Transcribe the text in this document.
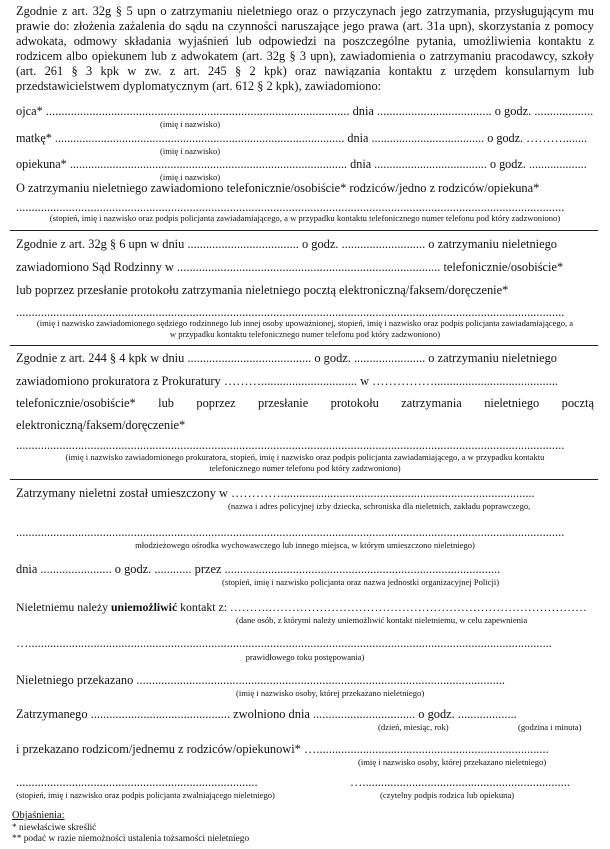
Zgodnie z art. 32g § 5 upn o zatrzymaniu nieletniego oraz o przyczynach jego zatrzymania, przysługującym mu prawie do: złożenia zażalenia do sądu na czynności naruszające jego prawa (art. 31a upn), skorzystania z pomocy adwokata, odmowy składania wyjaśnień lub odpowiedzi na poszczególne pytania, umożliwienia kontaktu z rodzicem albo opiekunem lub z adwokatem (art. 32g § 3 upn), zawiadomienia o zatrzymaniu pracodawcy, szkoły (art. 261 § 3 kpk w zw. z art. 245 § 2 kpk) oraz nawiązania kontaktu z urzędem konsularnym lub przedstawicielstwem dyplomatycznym (art. 612 § 2 kpk), zawiadomiono:
ojca* .................................................................................................. dnia ..................................... o godz. ...................
(imię i nazwisko)
matkę* ............................................................................................... dnia ..................................... o godz. ………........
(imię i nazwisko)
opiekuna* ........................................................................................... dnia ..................................... o godz. ...................
(imię i nazwisko)
O zatrzymaniu nieletniego zawiadomiono telefonicznie/osobiście* rodziców/jedno z rodziców/opiekuna*
.................................................................................................................................................................................
(stopień, imię i nazwisko oraz podpis policjanta zawiadamiającego, a w przypadku kontaktu telefonicznego numer telefonu pod który zadzwoniono)
Zgodnie z art. 32g § 6 upn w dniu .................................... o godz. ........................... o zatrzymaniu nieletniego
zawiadomiono Sąd Rodzinny w ..................................................................................... telefonicznie/osobiście*
lub poprzez przesłanie protokołu zatrzymania nieletniego pocztą elektroniczną/faksem/doręczenie*
.................................................................................................................................................................................
(imię i nazwisko zawiadomionego sędziego rodzinnego lub innej osoby upoważnionej, stopień, imię i nazwisko oraz podpis policjanta zawiadamiającego, a w przypadku kontaktu telefonicznego numer telefonu pod który zadzwoniono)
Zgodnie z art. 244 § 4 kpk w dniu ........................................ o godz. ....................... o zatrzymaniu nieletniego
zawiadomiono prokuratora z Prokuratury ………............................... w ……………........................................
telefonicznie/osobiście* lub poprzez przesłanie protokołu zatrzymania nieletniego pocztą
elektroniczną/faksem/doręczenie*
.................................................................................................................................................................................
(imię i nazwisko zawiadomionego prokuratora, stopień, imię i nazwisko oraz podpis policjanta zawiadamiającego, a w przypadku kontaktu telefonicznego numer telefonu pod który zadzwoniono)
Zatrzymany nieletni został umieszczony w …………..................................................................................
(nazwa i adres policyjnej izby dziecka, schroniska dla nieletnich, zakładu poprawczego,
.................................................................................................................................................................................
młodzieżowego ośrodka wychowawczego lub innego miejsca, w którym umieszczono nieletniego)
dnia ....................... o godz. ............ przez .........................................................................................
(stopień, imię i nazwisko policjanta oraz nazwa jednostki organizacyjnej Policji)
Nieletniemu należy uniemożliwić kontakt z: ……….………………………………………………………………………
(dane osób, z którymi należy uniemożliwić kontakt nieletniemu, w celu zapewnienia
….........................................................................................................................................................................
prawidłowego toku postępowania)
Nieletniego przekazano .......................................................................................................................
(imię i nazwisko osoby, której przekazano nieletniego)
Zatrzymanego ............................................. zwolniono dnia ................................. o godz. ...................
(dzień, miesiąc, rok)	(godzina i minuta)
i przekazano rodzicom/jednemu z rodziców/opiekunowi* …...........................................................................
(imię i nazwisko osoby, której przekazano nieletniego)
..............................................................................	…...................................................................
(stopień, imię i nazwisko oraz podpis policjanta zwalniającego nieletniego)	(czytelny podpis rodzica lub opiekuna)
Objaśnienia:
* niewłaściwe skreślić
** podać w razie niemożności ustalenia tożsamości nieletniego
